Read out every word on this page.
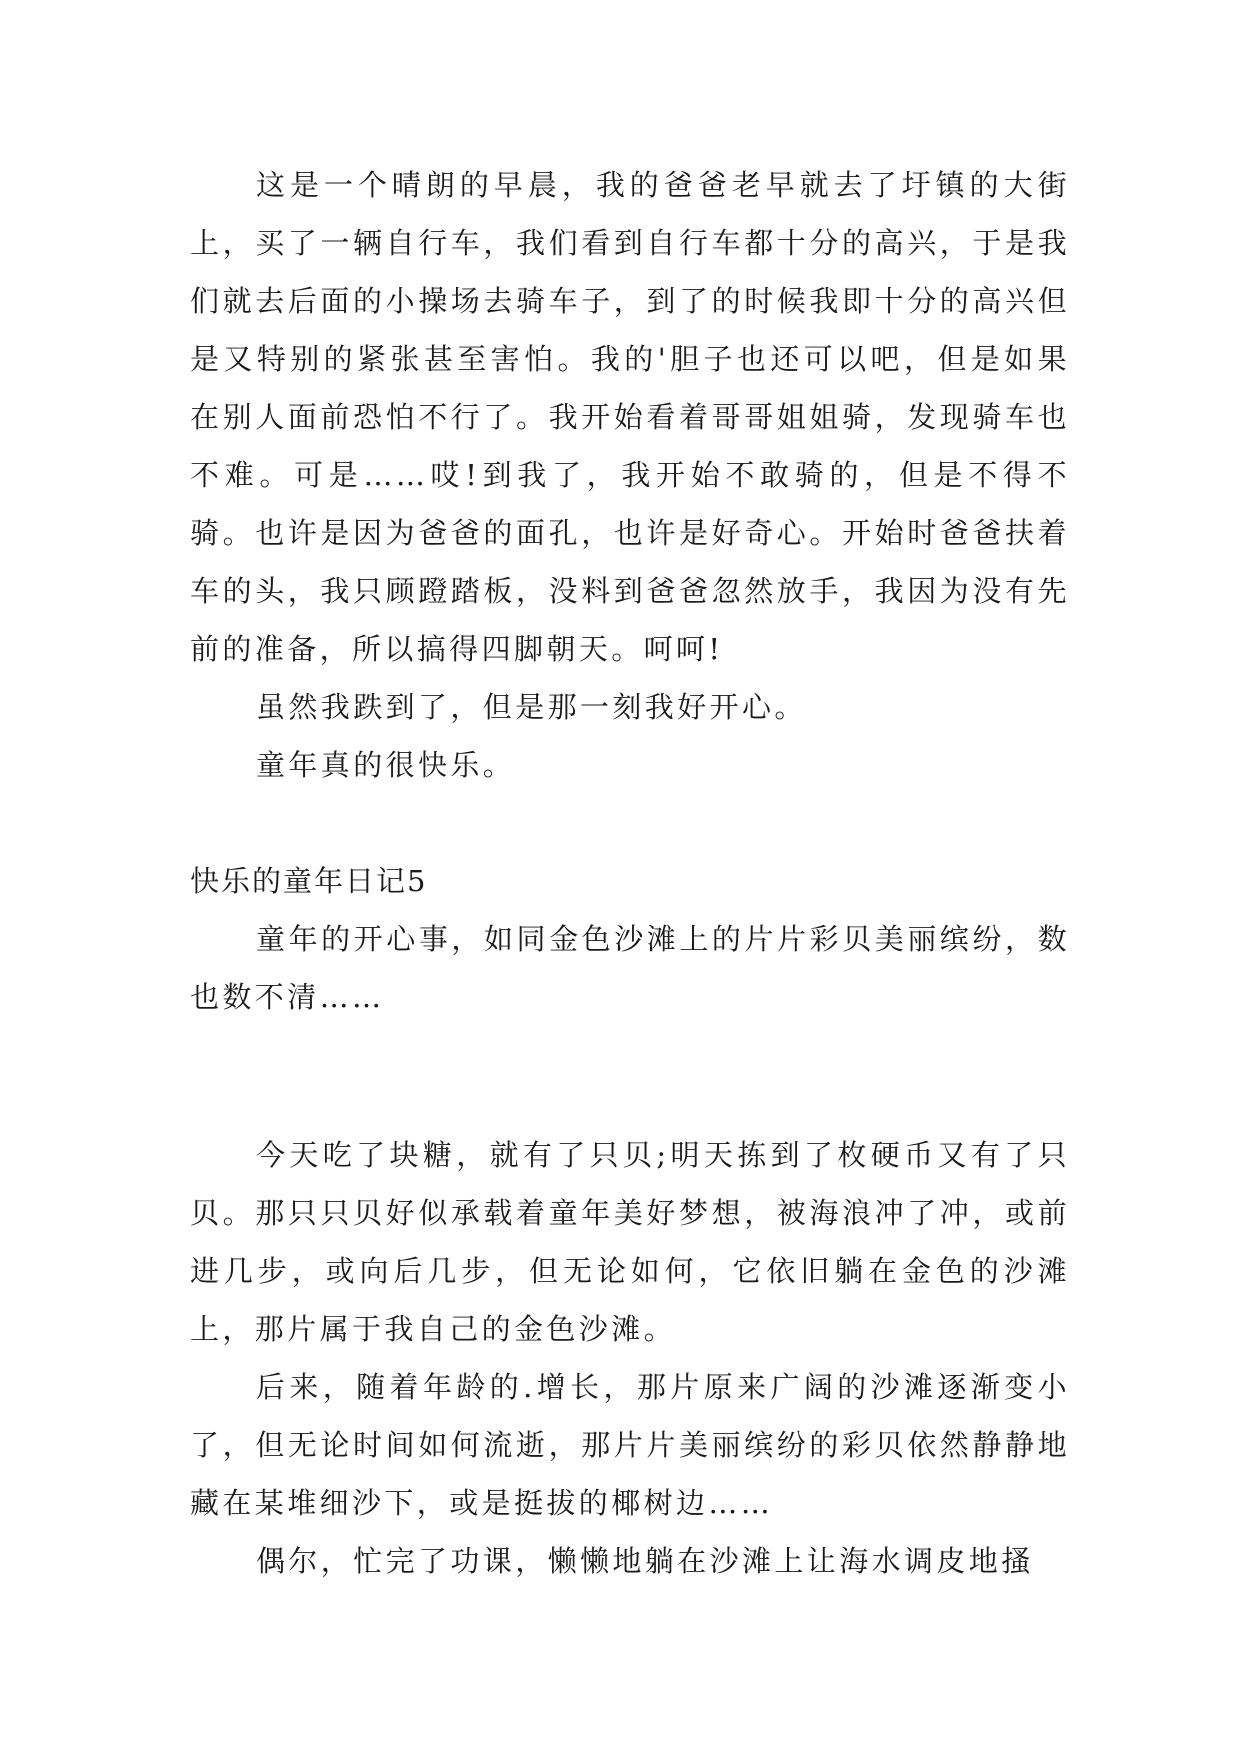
这是一个晴朗的早晨，我的爸爸老早就去了圩镇的大街上，买了一辆自行车，我们看到自行车都十分的高兴，于是我们就去后面的小操场去骑车子，到了的时候我即十分的高兴但是又特别的紧张甚至害怕。我的'胆子也还可以吧，但是如果在别人面前恐怕不行了。我开始看着哥哥姐姐骑，发现骑车也不难。可是……哎!到我了，我开始不敢骑的，但是不得不骑。也许是因为爸爸的面孔，也许是好奇心。开始时爸爸扶着车的头，我只顾蹬踏板，没料到爸爸忽然放手，我因为没有先前的准备，所以搞得四脚朝天。呵呵!

虽然我跌到了，但是那一刻我好开心。

童年真的很快乐。

快乐的童年日记5

童年的开心事，如同金色沙滩上的片片彩贝美丽缤纷，数也数不清……

今天吃了块糖，就有了只贝;明天拣到了枚硬币又有了只贝。那只只贝好似承载着童年美好梦想，被海浪冲了冲，或前进几步，或向后几步，但无论如何，它依旧躺在金色的沙滩上，那片属于我自己的金色沙滩。

后来，随着年龄的.增长，那片原来广阔的沙滩逐渐变小了，但无论时间如何流逝，那片片美丽缤纷的彩贝依然静静地藏在某堆细沙下，或是挺拔的椰树边……

偶尔，忙完了功课，懒懒地躺在沙滩上让海水调皮地搔
